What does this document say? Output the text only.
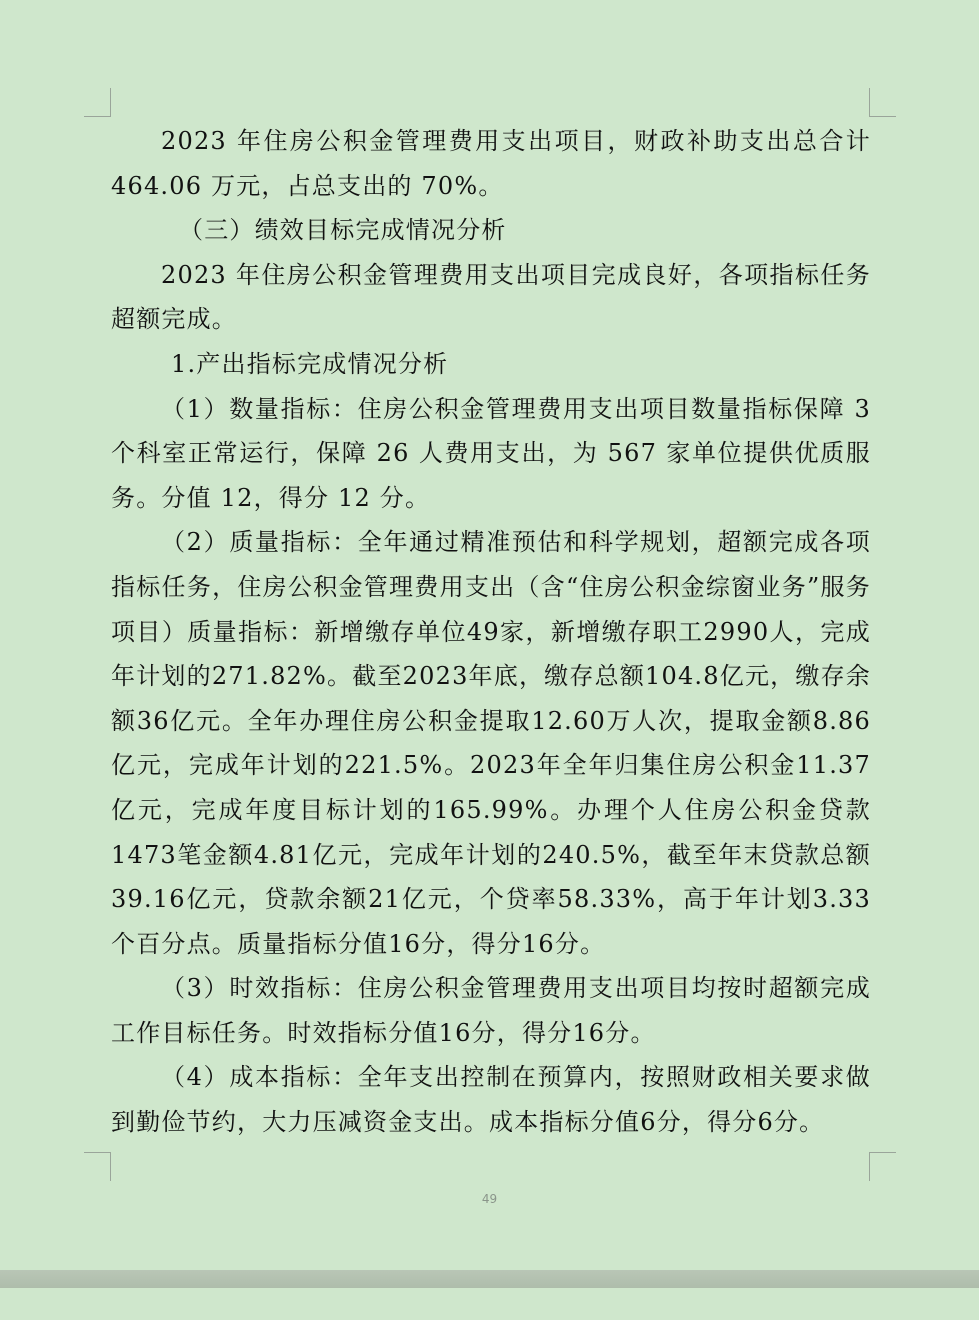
2023 年住房公积金管理费用支出项目，财政补助支出总合计 464.06 万元，占总支出的 70%。

（三）绩效目标完成情况分析

2023 年住房公积金管理费用支出项目完成良好，各项指标任务超额完成。

1.产出指标完成情况分析

（1）数量指标：住房公积金管理费用支出项目数量指标保障 3 个科室正常运行，保障 26 人费用支出，为 567 家单位提供优质服务。分值 12，得分 12 分。

（2）质量指标：全年通过精准预估和科学规划，超额完成各项指标任务，住房公积金管理费用支出（含“住房公积金综窗业务”服务项目）质量指标：新增缴存单位49家，新增缴存职工2990人，完成年计划的271.82%。截至2023年底，缴存总额104.8亿元，缴存余额36亿元。全年办理住房公积金提取12.60万人次，提取金额8.86亿元，完成年计划的221.5%。2023年全年归集住房公积金11.37亿元，完成年度目标计划的165.99%。办理个人住房公积金贷款1473笔金额4.81亿元，完成年计划的240.5%，截至年末贷款总额39.16亿元，贷款余额21亿元，个贷率58.33%，高于年计划3.33个百分点。质量指标分值16分，得分16分。

（3）时效指标：住房公积金管理费用支出项目均按时超额完成工作目标任务。时效指标分值16分，得分16分。

（4）成本指标：全年支出控制在预算内，按照财政相关要求做到勤俭节约，大力压减资金支出。成本指标分值6分，得分6分。

49
